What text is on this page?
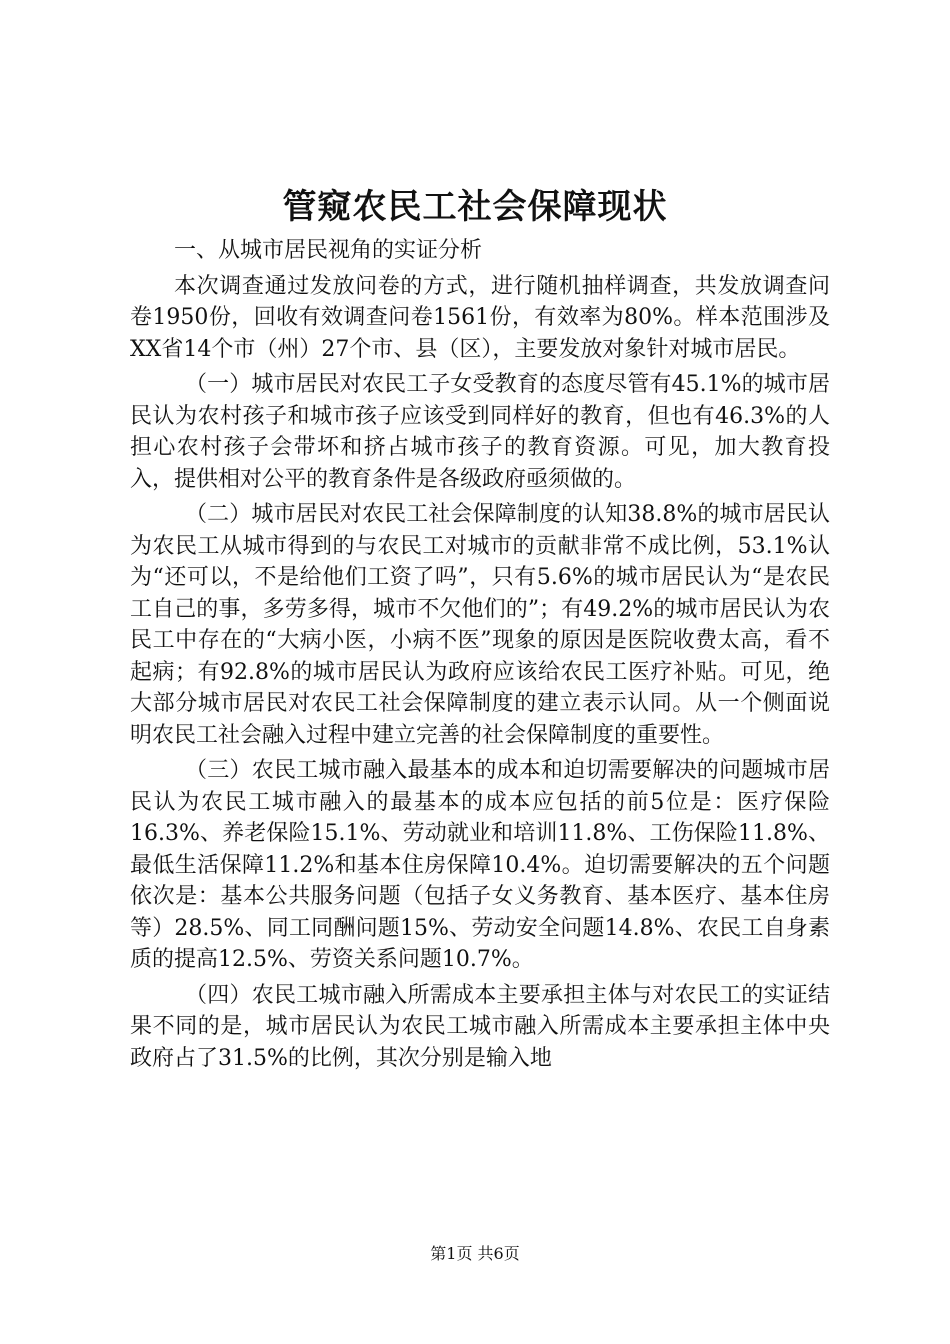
管窥农民工社会保障现状

一、从城市居民视角的实证分析

本次调查通过发放问卷的方式，进行随机抽样调查，共发放调查问卷1950份，回收有效调查问卷1561份，有效率为80%。样本范围涉及XX省14个市（州）27个市、县（区），主要发放对象针对城市居民。

（一）城市居民对农民工子女受教育的态度尽管有45.1%的城市居民认为农村孩子和城市孩子应该受到同样好的教育，但也有46.3%的人担心农村孩子会带坏和挤占城市孩子的教育资源。可见，加大教育投入，提供相对公平的教育条件是各级政府亟须做的。

（二）城市居民对农民工社会保障制度的认知38.8%的城市居民认为农民工从城市得到的与农民工对城市的贡献非常不成比例，53.1%认为“还可以，不是给他们工资了吗”，只有5.6%的城市居民认为“是农民工自己的事，多劳多得，城市不欠他们的”；有49.2%的城市居民认为农民工中存在的“大病小医，小病不医”现象的原因是医院收费太高，看不起病；有92.8%的城市居民认为政府应该给农民工医疗补贴。可见，绝大部分城市居民对农民工社会保障制度的建立表示认同。从一个侧面说明农民工社会融入过程中建立完善的社会保障制度的重要性。

（三）农民工城市融入最基本的成本和迫切需要解决的问题城市居民认为农民工城市融入的最基本的成本应包括的前5位是：医疗保险16.3%、养老保险15.1%、劳动就业和培训11.8%、工伤保险11.8%、最低生活保障11.2%和基本住房保障10.4%。迫切需要解决的五个问题依次是：基本公共服务问题（包括子女义务教育、基本医疗、基本住房等）28.5%、同工同酬问题15%、劳动安全问题14.8%、农民工自身素质的提高12.5%、劳资关系问题10.7%。

（四）农民工城市融入所需成本主要承担主体与对农民工的实证结果不同的是，城市居民认为农民工城市融入所需成本主要承担主体中央政府占了31.5%的比例，其次分别是输入地

第1页 共6页
